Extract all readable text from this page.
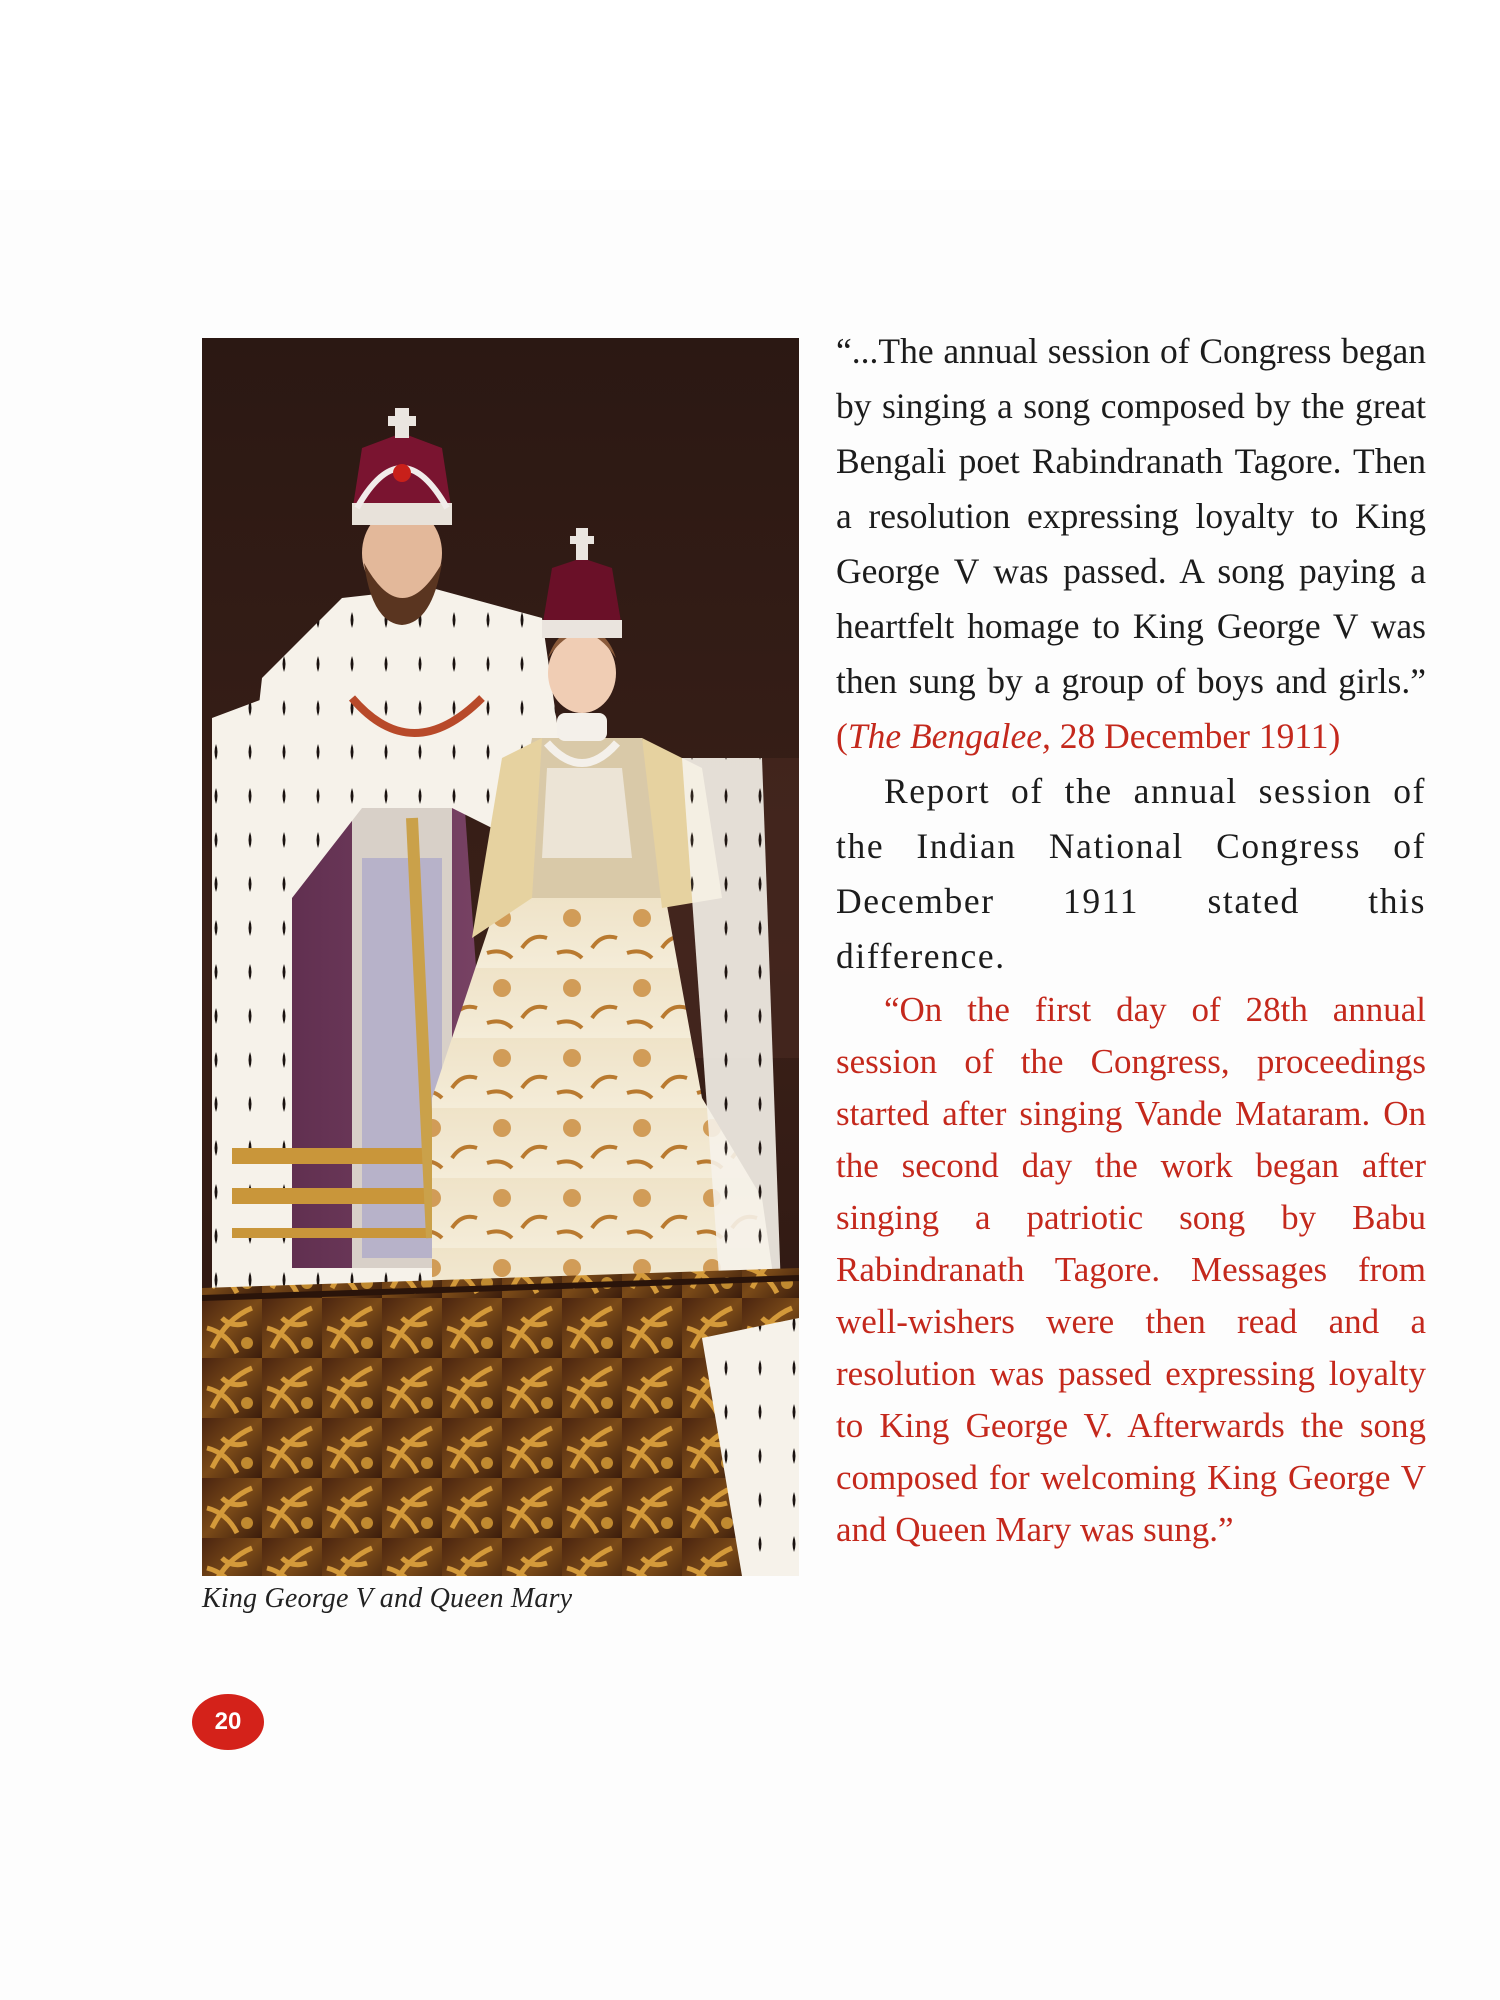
King George V and Queen Mary

“...The annual session of Congress began by singing a song composed by the great Bengali poet Rabindranath Tagore. Then a resolution expressing loyalty to King George V was passed. A song paying a heartfelt homage to King George V was then sung by a group of boys and girls.” (The Bengalee, 28 December 1911)

Report of the annual session of the Indian National Congress of December 1911 stated this difference.

“On the first day of 28th annual session of the Congress, proceedings started after singing Vande Mataram. On the second day the work began after singing a patriotic song by Babu Rabindranath Tagore. Messages from well-wishers were then read and a resolution was passed expressing loyalty to King George V. Afterwards the song composed for welcoming King George V and Queen Mary was sung.”

20
